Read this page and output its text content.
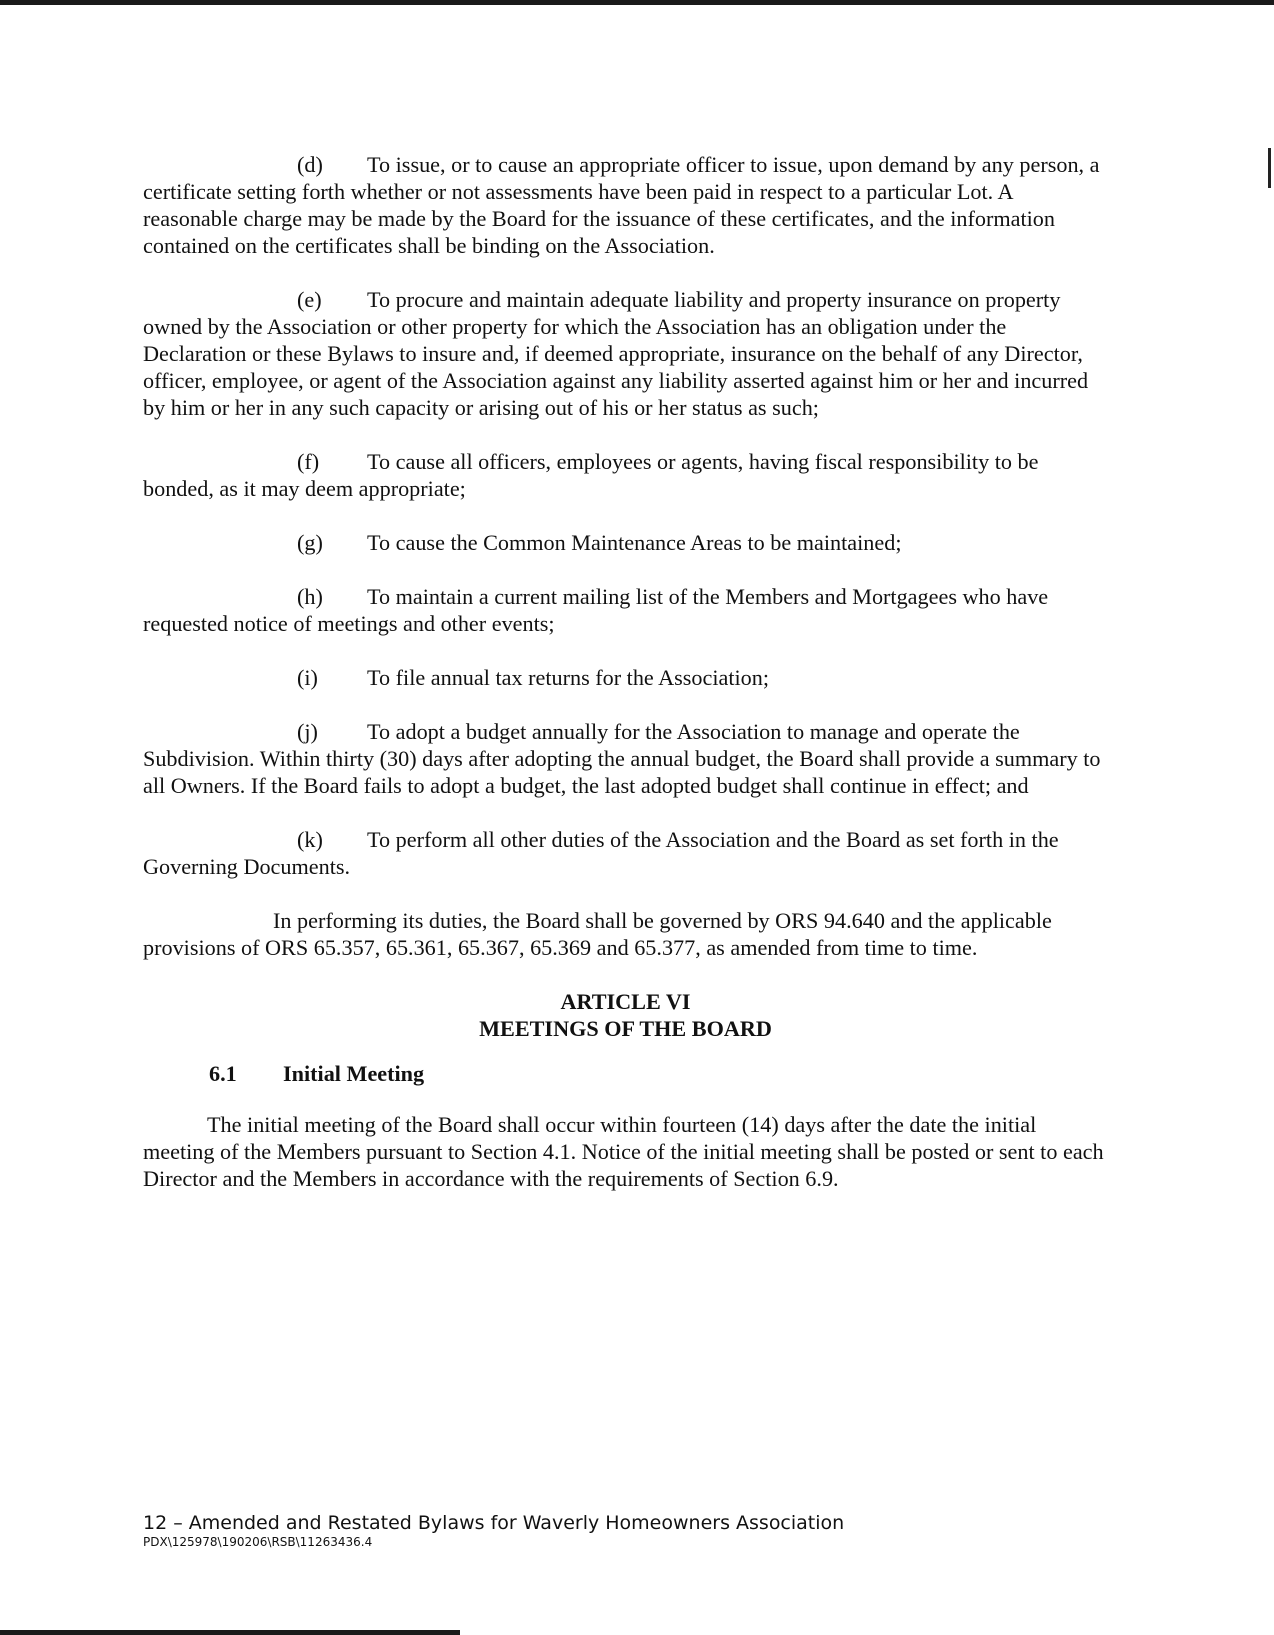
(d) To issue, or to cause an appropriate officer to issue, upon demand by any person, a certificate setting forth whether or not assessments have been paid in respect to a particular Lot. A reasonable charge may be made by the Board for the issuance of these certificates, and the information contained on the certificates shall be binding on the Association.

(e) To procure and maintain adequate liability and property insurance on property owned by the Association or other property for which the Association has an obligation under the Declaration or these Bylaws to insure and, if deemed appropriate, insurance on the behalf of any Director, officer, employee, or agent of the Association against any liability asserted against him or her and incurred by him or her in any such capacity or arising out of his or her status as such;

(f) To cause all officers, employees or agents, having fiscal responsibility to be bonded, as it may deem appropriate;

(g) To cause the Common Maintenance Areas to be maintained;

(h) To maintain a current mailing list of the Members and Mortgagees who have requested notice of meetings and other events;

(i) To file annual tax returns for the Association;

(j) To adopt a budget annually for the Association to manage and operate the Subdivision. Within thirty (30) days after adopting the annual budget, the Board shall provide a summary to all Owners. If the Board fails to adopt a budget, the last adopted budget shall continue in effect; and

(k) To perform all other duties of the Association and the Board as set forth in the Governing Documents.

In performing its duties, the Board shall be governed by ORS 94.640 and the applicable provisions of ORS 65.357, 65.361, 65.367, 65.369 and 65.377, as amended from time to time.

ARTICLE VI
MEETINGS OF THE BOARD
6.1 Initial Meeting

The initial meeting of the Board shall occur within fourteen (14) days after the date the initial meeting of the Members pursuant to Section 4.1. Notice of the initial meeting shall be posted or sent to each Director and the Members in accordance with the requirements of Section 6.9.

12 – Amended and Restated Bylaws for Waverly Homeowners Association
PDX\125978\190206\RSB\11263436.4
